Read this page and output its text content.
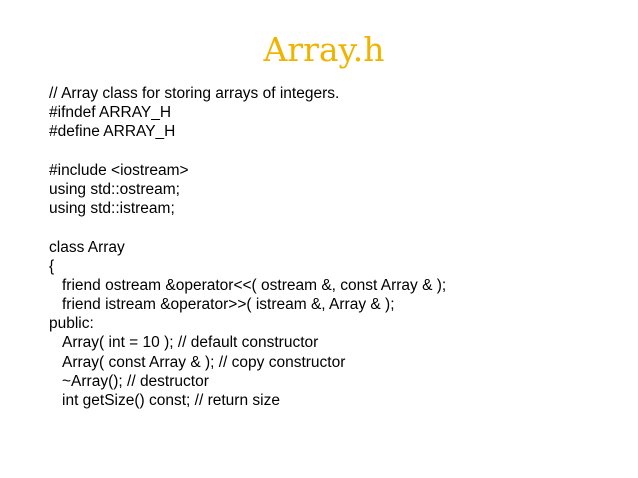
Array.h
// Array class for storing arrays of integers.
#ifndef ARRAY_H
#define ARRAY_H
#include <iostream>
using std::ostream;
using std::istream;
class Array
{
friend ostream &operator<<( ostream &, const Array & );
friend istream &operator>>( istream &, Array & );
public:
Array( int = 10 ); // default constructor
Array( const Array & ); // copy constructor
~Array(); // destructor
int getSize() const; // return size
